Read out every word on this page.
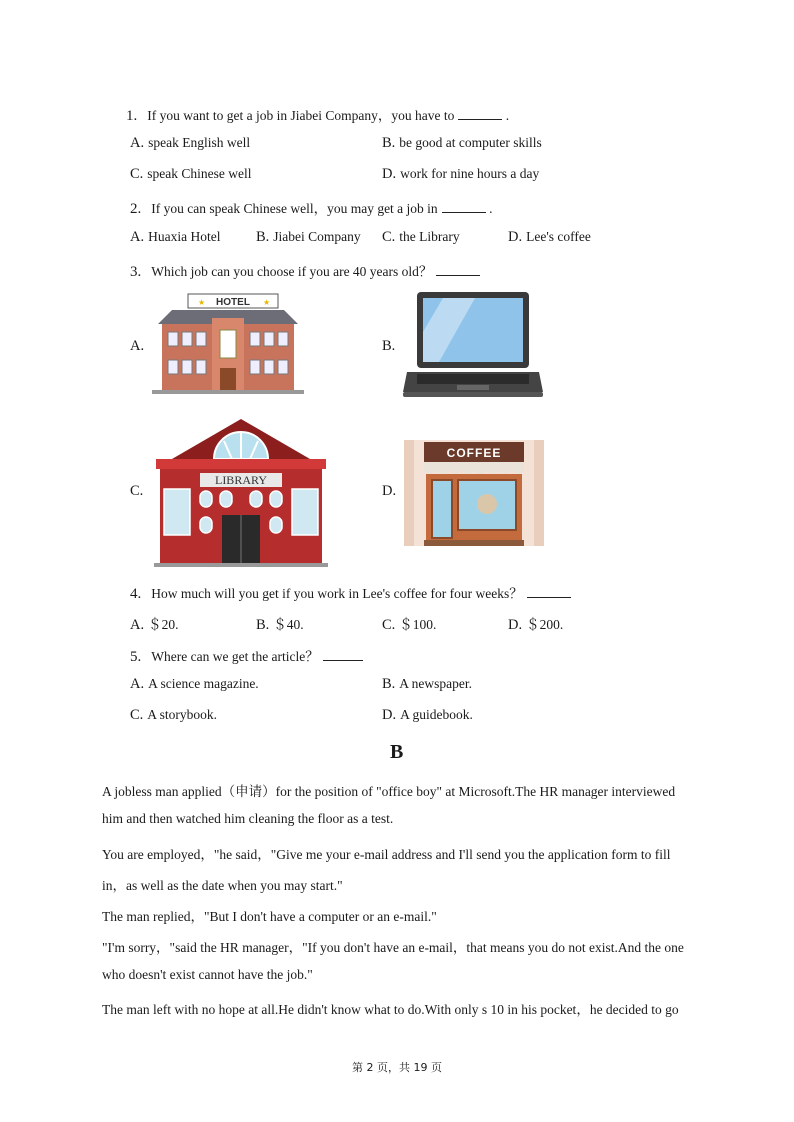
1. If you want to get a job in Jiabei Company，you have to	.
A. speak English well	B. be good at computer skills
C. speak Chinese well	D. work for nine hours a day
2. If you can speak Chinese well，you may get a job in	.
A. Huaxia Hotel B. Jiabei Company C. the Library	D. Lee's coffee
3. Which job can you choose if you are 40 years old？
A.
HOTEL
★	★
B.
C.
LIBRARY
D.
COFFEE
4. How much will you get if you work in Lee's coffee for four weeks？
A. ＄20.	B. ＄40.	C. ＄100.	D. ＄200.
5. Where can we get the article？
A. A science magazine.	B. A newspaper.
C. A storybook.	D. A guidebook.
B
A jobless man applied（申请）for the position of "office boy" at Microsoft.The HR manager interviewed
him and then watched him cleaning the floor as a test.
You are employed，"he said，"Give me your e-mail address and I'll send you the application form to fill
in，as well as the date when you may start."
The man replied，"But I don't have a computer or an e-mail."
"I'm sorry，"said the HR manager，"If you don't have an e-mail，that means you do not exist.And the one
who doesn't exist cannot have the job."
The man left with no hope at all.He didn't know what to do.With only s 10 in his pocket，he decided to go
第 2 页，共 19 页
